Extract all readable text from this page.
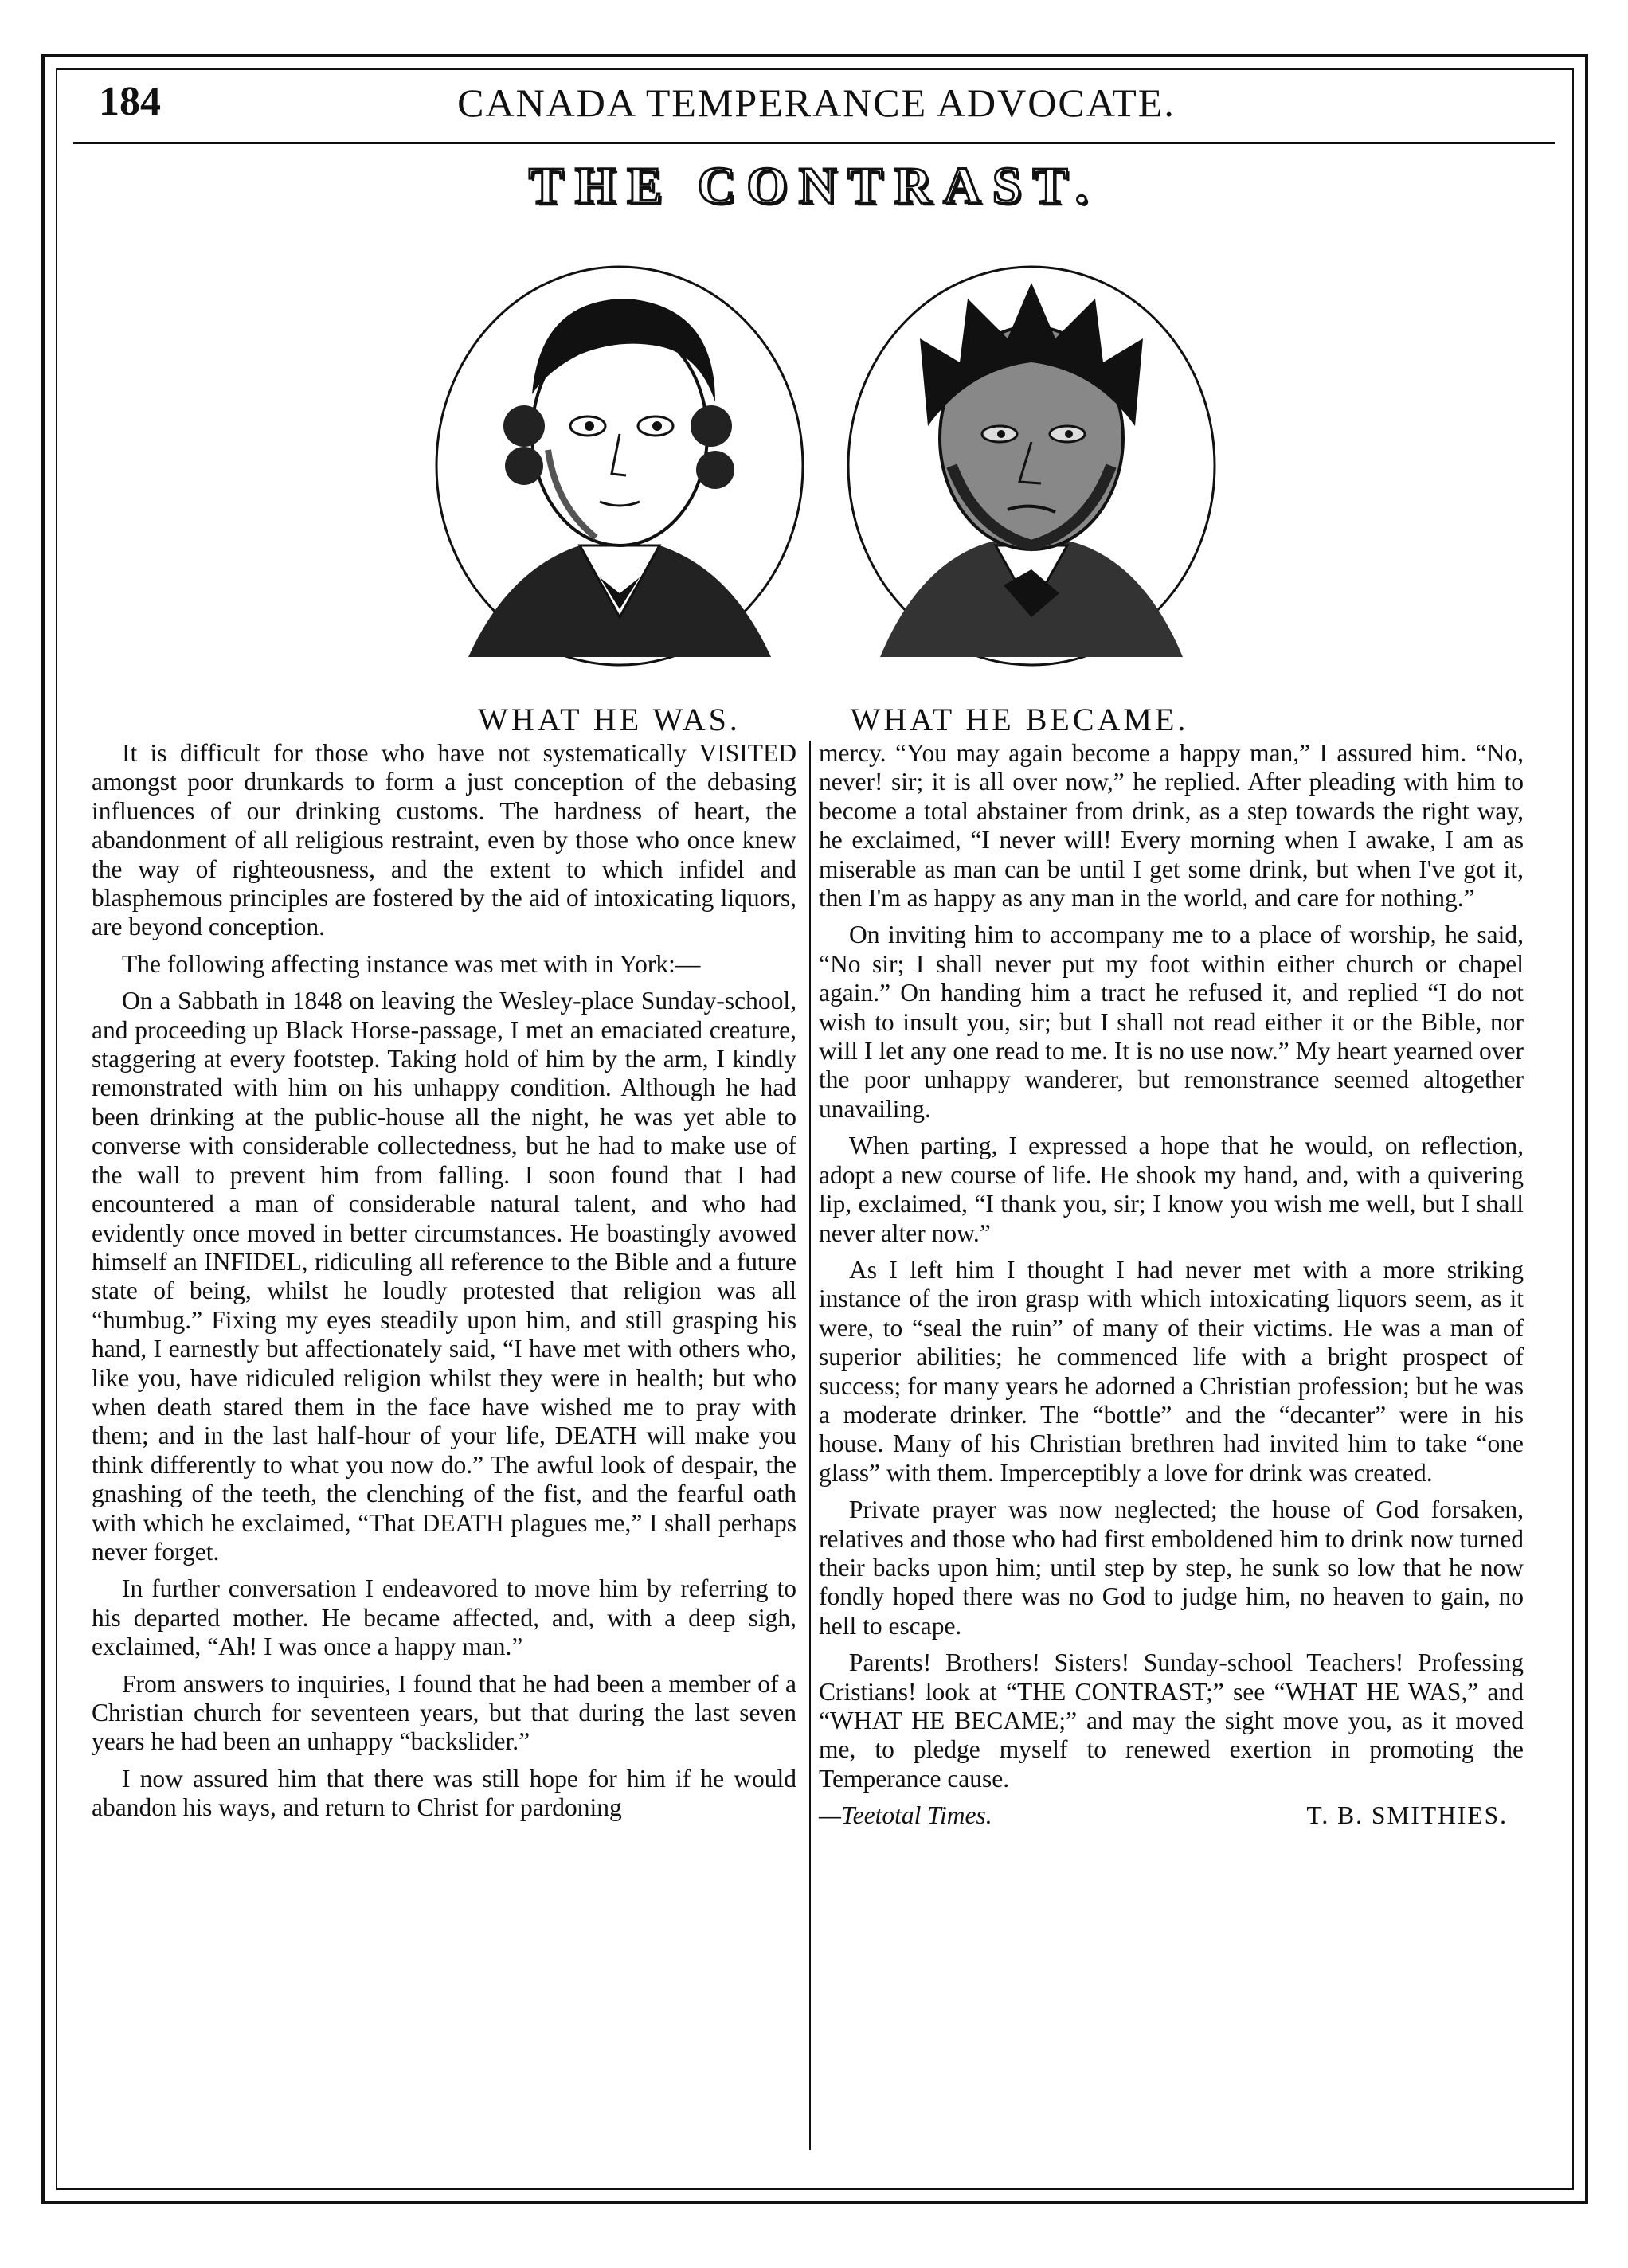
184	CANADA TEMPERANCE ADVOCATE.
THE CONTRAST.
WHAT HE WAS.	WHAT HE BECAME.

It is difficult for those who have not systematically VISITED amongst poor drunkards to form a just conception of the debasing influences of our drinking customs. The hardness of heart, the abandonment of all religious restraint, even by those who once knew the way of righteousness, and the extent to which infidel and blasphemous principles are fostered by the aid of intoxicating liquors, are beyond conception.

The following affecting instance was met with in York:—

On a Sabbath in 1848 on leaving the Wesley-place Sunday-school, and proceeding up Black Horse-passage, I met an emaciated creature, staggering at every footstep. Taking hold of him by the arm, I kindly remonstrated with him on his unhappy condition. Although he had been drinking at the public-house all the night, he was yet able to converse with considerable collectedness, but he had to make use of the wall to prevent him from falling. I soon found that I had encountered a man of considerable natural talent, and who had evidently once moved in better circumstances. He boastingly avowed himself an INFIDEL, ridiculing all reference to the Bible and a future state of being, whilst he loudly protested that religion was all “humbug.” Fixing my eyes steadily upon him, and still grasping his hand, I earnestly but affectionately said, “I have met with others who, like you, have ridiculed religion whilst they were in health; but who when death stared them in the face have wished me to pray with them; and in the last half-hour of your life, DEATH will make you think differently to what you now do.” The awful look of despair, the gnashing of the teeth, the clenching of the fist, and the fearful oath with which he exclaimed, “That DEATH plagues me,” I shall perhaps never forget.

In further conversation I endeavored to move him by referring to his departed mother. He became affected, and, with a deep sigh, exclaimed, “Ah! I was once a happy man.”

From answers to inquiries, I found that he had been a member of a Christian church for seventeen years, but that during the last seven years he had been an unhappy “backslider.”

I now assured him that there was still hope for him if he would abandon his ways, and return to Christ for pardoning

mercy. “You may again become a happy man,” I assured him. “No, never! sir; it is all over now,” he replied. After pleading with him to become a total abstainer from drink, as a step towards the right way, he exclaimed, “I never will! Every morning when I awake, I am as miserable as man can be until I get some drink, but when I've got it, then I'm as happy as any man in the world, and care for nothing.”

On inviting him to accompany me to a place of worship, he said, “No sir; I shall never put my foot within either church or chapel again.” On handing him a tract he refused it, and replied “I do not wish to insult you, sir; but I shall not read either it or the Bible, nor will I let any one read to me. It is no use now.” My heart yearned over the poor unhappy wanderer, but remonstrance seemed altogether unavailing.

When parting, I expressed a hope that he would, on reflection, adopt a new course of life. He shook my hand, and, with a quivering lip, exclaimed, “I thank you, sir; I know you wish me well, but I shall never alter now.”

As I left him I thought I had never met with a more striking instance of the iron grasp with which intoxicating liquors seem, as it were, to “seal the ruin” of many of their victims. He was a man of superior abilities; he commenced life with a bright prospect of success; for many years he adorned a Christian profession; but he was a moderate drinker. The “bottle” and the “decanter” were in his house. Many of his Christian brethren had invited him to take “one glass” with them. Imperceptibly a love for drink was created.

Private prayer was now neglected; the house of God forsaken, relatives and those who had first emboldened him to drink now turned their backs upon him; until step by step, he sunk so low that he now fondly hoped there was no God to judge him, no heaven to gain, no hell to escape.

Parents! Brothers! Sisters! Sunday-school Teachers! Professing Cristians! look at “THE CONTRAST;” see “WHAT HE WAS,” and “WHAT HE BECAME;” and may the sight move you, as it moved me, to pledge myself to renewed exertion in promoting the Temperance cause.

—Teetotal Times.	T. B. SMITHIES.
